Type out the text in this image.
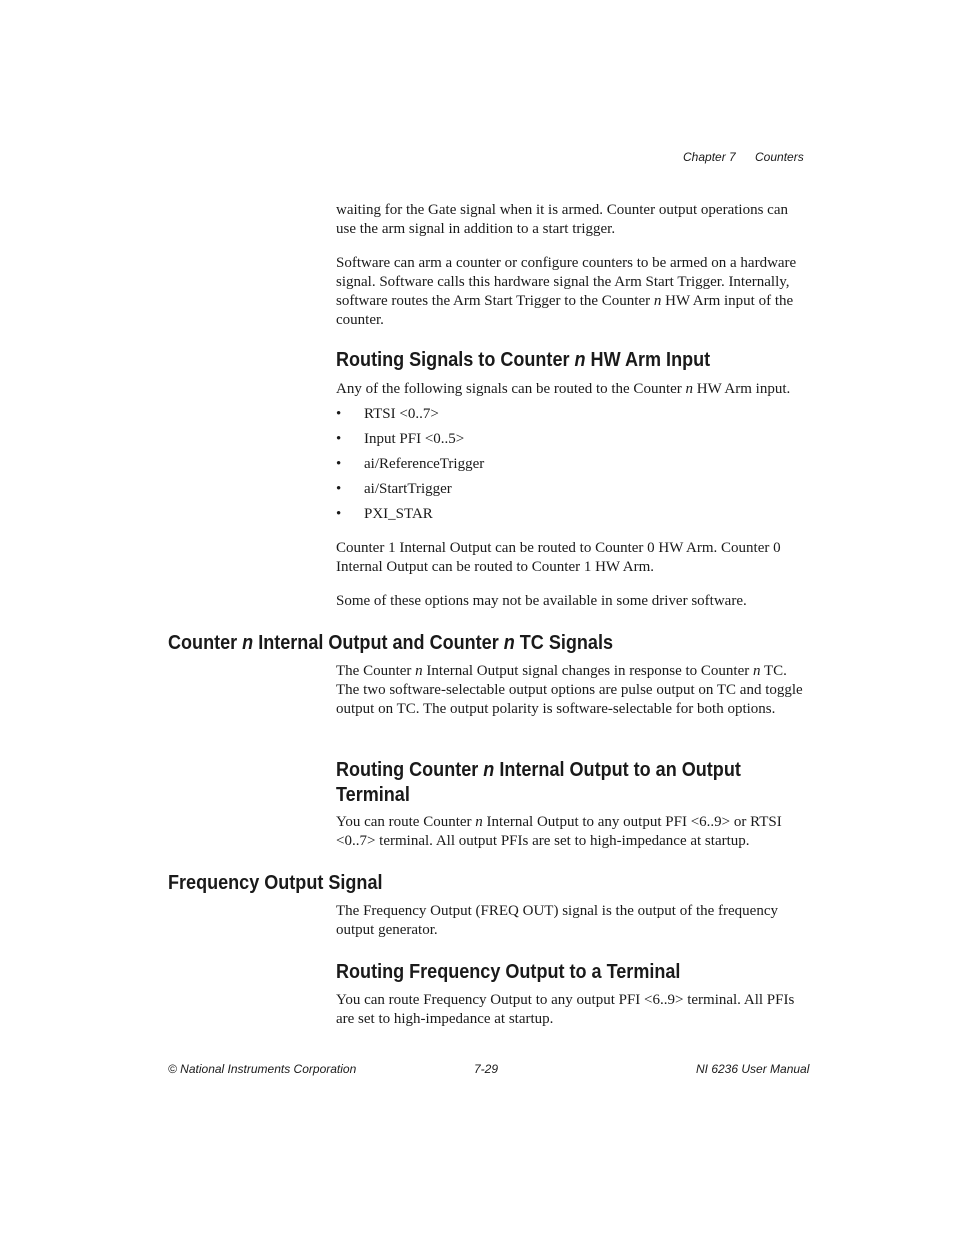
Chapter 7 Counters

waiting for the Gate signal when it is armed. Counter output operations can use the arm signal in addition to a start trigger.

Software can arm a counter or configure counters to be armed on a hardware signal. Software calls this hardware signal the Arm Start Trigger. Internally, software routes the Arm Start Trigger to the Counter n HW Arm input of the counter.

Routing Signals to Counter n HW Arm Input

Any of the following signals can be routed to the Counter n HW Arm input.

• RTSI <0..7>
• Input PFI <0..5>
• ai/ReferenceTrigger
• ai/StartTrigger
• PXI_STAR

Counter 1 Internal Output can be routed to Counter 0 HW Arm. Counter 0 Internal Output can be routed to Counter 1 HW Arm.

Some of these options may not be available in some driver software.

Counter n Internal Output and Counter n TC Signals

The Counter n Internal Output signal changes in response to Counter n TC. The two software-selectable output options are pulse output on TC and toggle output on TC. The output polarity is software-selectable for both options.

Routing Counter n Internal Output to an Output
Terminal

You can route Counter n Internal Output to any output PFI <6..9> or RTSI <0..7> terminal. All output PFIs are set to high-impedance at startup.

Frequency Output Signal

The Frequency Output (FREQ OUT) signal is the output of the frequency output generator.

Routing Frequency Output to a Terminal

You can route Frequency Output to any output PFI <6..9> terminal. All PFIs are set to high-impedance at startup.

© National Instruments Corporation	7-29	NI 6236 User Manual
